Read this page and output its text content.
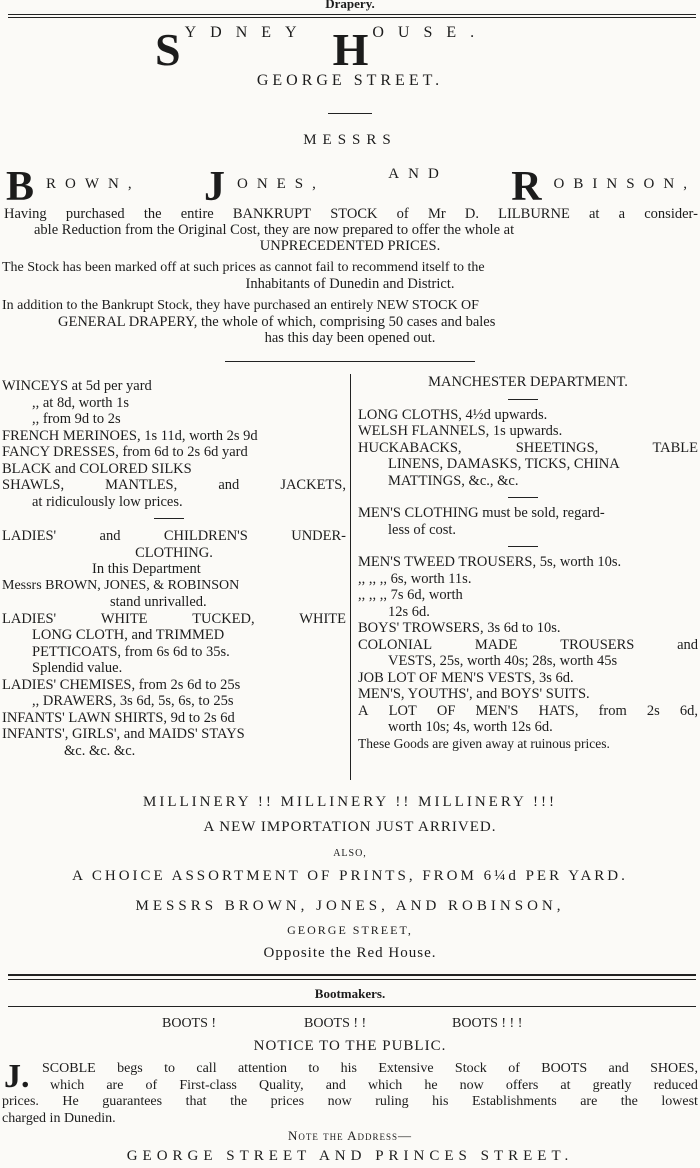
Drapery.
S YDNEY H OUSE.
GEORGE STREET.
MESSRS
BROWN, JONES,
AND ROBINSON,
Having purchased the entire BANKRUPT STOCK of Mr D. LILBURNE at a consider-
able Reduction from the Original Cost, they are now prepared to offer the whole at
UNPRECEDENTED PRICES.
The Stock has been marked off at such prices as cannot fail to recommend itself to the
Inhabitants of Dunedin and District.
In addition to the Bankrupt Stock, they have purchased an entirely NEW STOCK OF
GENERAL DRAPERY, the whole of which, comprising 50 cases and bales
has this day been opened out.
WINCEYS at 5d per yard
,, at 8d, worth 1s
,, from 9d to 2s
FRENCH MERINOES, 1s 11d, worth 2s 9d
FANCY DRESSES, from 6d to 2s 6d yard
BLACK and COLORED SILKS
SHAWLS,	MANTLES,	and	JACKETS,
at ridiculously low prices.
LADIES'	and	CHILDREN'S	UNDER-
CLOTHING.
In this Department
Messrs BROWN, JONES, & ROBINSON
stand unrivalled.
LADIES'	WHITE	TUCKED,	WHITE
LONG CLOTH, and TRIMMED
PETTICOATS, from 6s 6d to 35s.
Splendid value.
LADIES' CHEMISES, from 2s 6d to 25s
,, DRAWERS, 3s 6d, 5s, 6s, to 25s
INFANTS' LAWN SHIRTS, 9d to 2s 6d
INFANTS', GIRLS', and MAIDS' STAYS
&c. &c. &c.
MANCHESTER DEPARTMENT.
LONG CLOTHS, 4½d upwards.
WELSH FLANNELS, 1s upwards.
HUCKABACKS,	SHEETINGS,	TABLE
LINENS, DAMASKS, TICKS, CHINA
MATTINGS, &c., &c.
MEN'S CLOTHING must be sold, regard-
less of cost.
MEN'S TWEED TROUSERS, 5s, worth 10s.
,, ,, ,, 6s, worth 11s.
,, ,, ,, 7s 6d, worth
12s 6d.
BOYS' TROWSERS, 3s 6d to 10s.
COLONIAL	MADE	TROUSERS	and
VESTS, 25s, worth 40s; 28s, worth 45s
JOB LOT OF MEN'S VESTS, 3s 6d.
MEN'S, YOUTHS', and BOYS' SUITS.
A LOT OF MEN'S HATS, from 2s 6d,
worth 10s; 4s, worth 12s 6d.
These Goods are given away at ruinous prices.
MILLINERY !! MILLINERY !! MILLINERY !!!
A NEW IMPORTATION JUST ARRIVED.
ALSO,
A CHOICE ASSORTMENT OF PRINTS, FROM 6¼d PER YARD.
MESSRS BROWN, JONES, AND ROBINSON,
GEORGE STREET,
Opposite the Red House.
Bootmakers.
BOOTS !	BOOTS ! !	BOOTS ! ! !
NOTICE TO THE PUBLIC.
J. SCOBLE begs to call attention to his Extensive Stock of BOOTS and SHOES,
which are of First-class Quality, and which he now offers at greatly reduced
prices. He guarantees that the prices now ruling his Establishments are the lowest
charged in Dunedin.
Note the Address—
GEORGE STREET AND PRINCES STREET.
